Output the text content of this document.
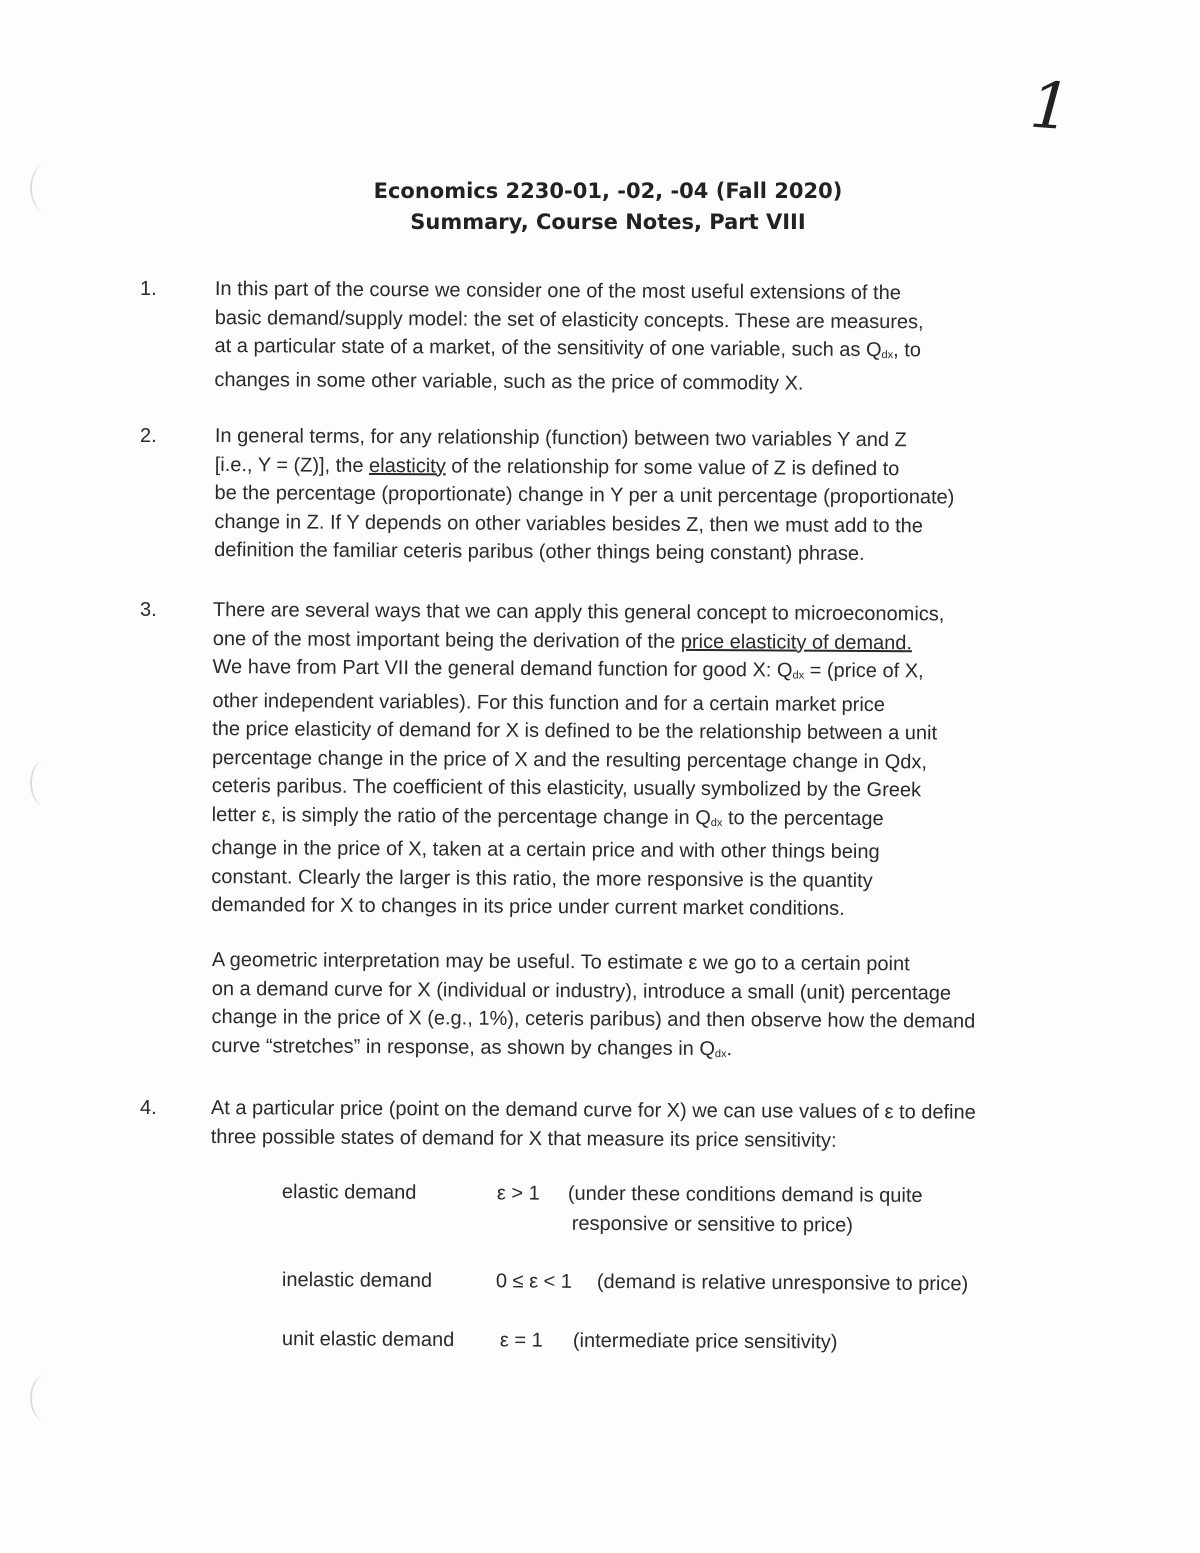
1
Economics 2230-01, -02, -04 (Fall 2020)
Summary, Course Notes, Part VIII
1.	In this part of the course we consider one of the most useful extensions of the
basic demand/supply model: the set of elasticity concepts. These are measures,
at a particular state of a market, of the sensitivity of one variable, such as Qdx, to
changes in some other variable, such as the price of commodity X.
2.	In general terms, for any relationship (function) between two variables Y and Z
[i.e., Y = (Z)], the elasticity of the relationship for some value of Z is defined to
be the percentage (proportionate) change in Y per a unit percentage (proportionate)
change in Z. If Y depends on other variables besides Z, then we must add to the
definition the familiar ceteris paribus (other things being constant) phrase.
3.	There are several ways that we can apply this general concept to microeconomics,
one of the most important being the derivation of the price elasticity of demand.
We have from Part VII the general demand function for good X: Qdx = (price of X,
other independent variables). For this function and for a certain market price
the price elasticity of demand for X is defined to be the relationship between a unit
percentage change in the price of X and the resulting percentage change in Qdx,
ceteris paribus. The coefficient of this elasticity, usually symbolized by the Greek
letter ε, is simply the ratio of the percentage change in Qdx to the percentage
change in the price of X, taken at a certain price and with other things being
constant. Clearly the larger is this ratio, the more responsive is the quantity
demanded for X to changes in its price under current market conditions.
A geometric interpretation may be useful. To estimate ε we go to a certain point
on a demand curve for X (individual or industry), introduce a small (unit) percentage
change in the price of X (e.g., 1%), ceteris paribus) and then observe how the demand
curve “stretches” in response, as shown by changes in Qdx.
4.	At a particular price (point on the demand curve for X) we can use values of ε to define
three possible states of demand for X that measure its price sensitivity:
elastic demand	ε > 1 (under these conditions demand is quite
responsive or sensitive to price)
inelastic demand	0 ≤ ε < 1 (demand is relative unresponsive to price)
unit elastic demand ε = 1 (intermediate price sensitivity)
